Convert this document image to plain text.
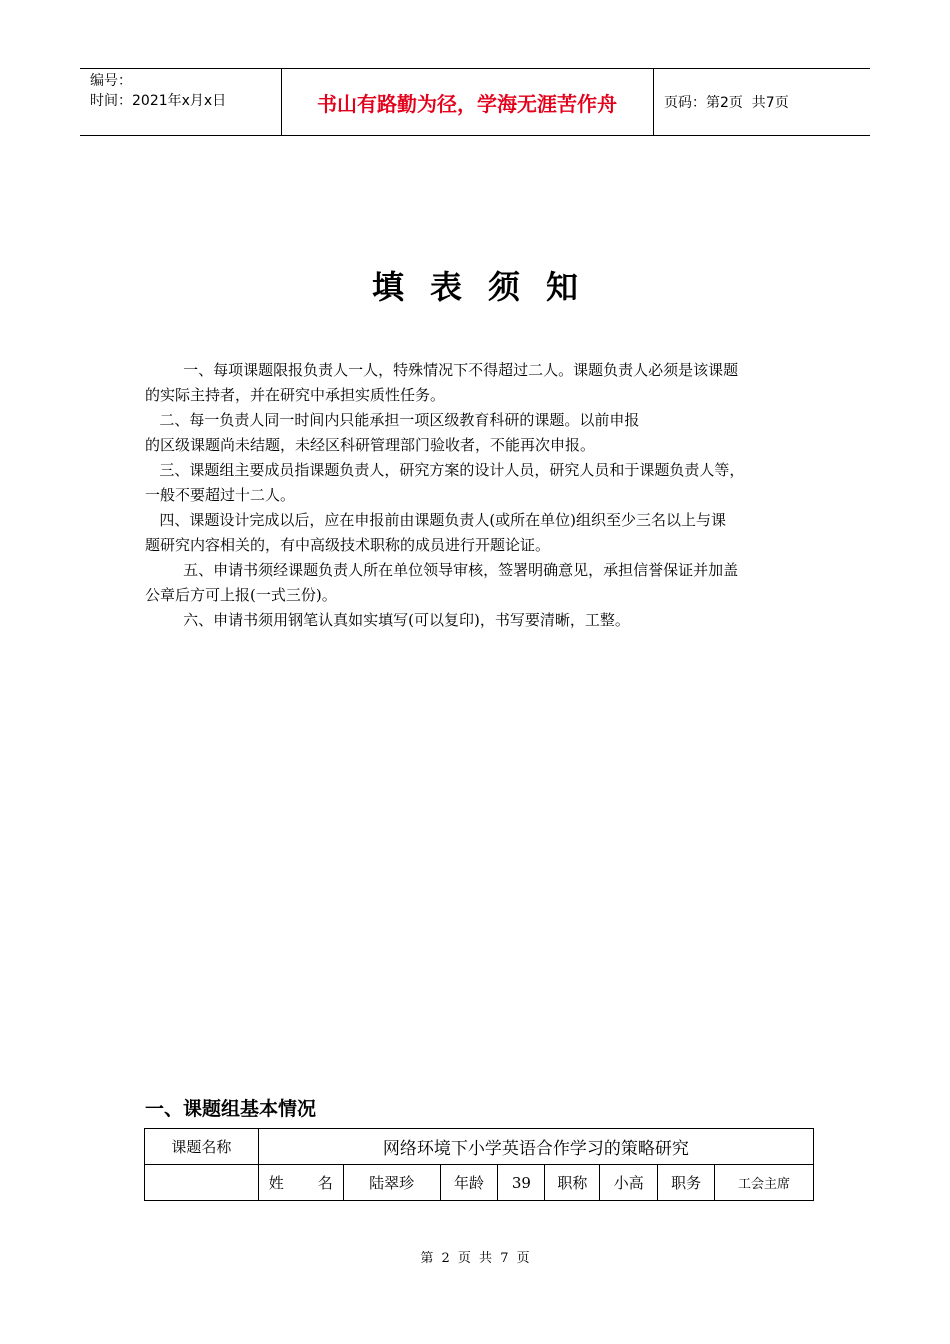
编号：
时间：2021年x月x日	书山有路勤为径，学海无涯苦作舟	页码：第2页  共7页
填表须知

一、每项课题限报负责人一人，特殊情况下不得超过二人。课题负责人必须是该课题

的实际主持者，并在研究中承担实质性任务。

二、每一负责人同一时间内只能承担一项区级教育科研的课题。以前申报

的区级课题尚未结题，未经区科研管理部门验收者，不能再次申报。

三、课题组主要成员指课题负责人，研究方案的设计人员，研究人员和于课题负责人等，

一般不要超过十二人。

四、课题设计完成以后，应在申报前由课题负责人(或所在单位)组织至少三名以上与课

题研究内容相关的，有中高级技术职称的成员进行开题论证。

五、申请书须经课题负责人所在单位领导审核，签署明确意见，承担信誉保证并加盖

公章后方可上报(一式三份)。

六、申请书须用钢笔认真如实填写(可以复印)，书写要清晰，工整。

一、课题组基本情况
课题名称	网络环境下小学英语合作学习的策略研究							

	姓 名	陆翠珍	年龄	39	职称	小高	职务	工会主席
第 2 页 共 7 页
